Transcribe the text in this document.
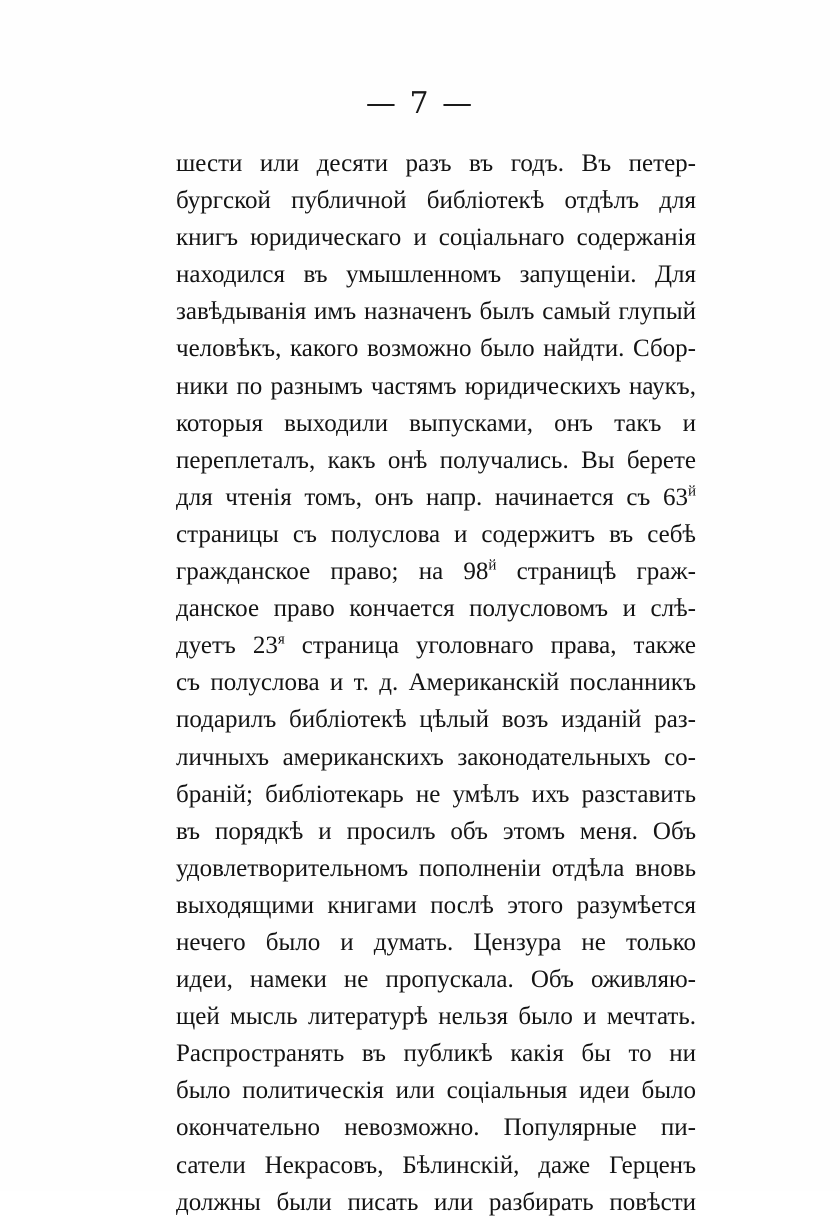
— 7 —
шести или десяти разъ въ годъ. Въ петер-
бургской публичной библіотекѣ отдѣлъ для
книгъ юридическаго и соціальнаго содержанія
находился въ умышленномъ запущеніи. Для
завѣдыванія имъ назначенъ былъ самый глупый
человѣкъ, какого возможно было найдти. Сбор-
ники по разнымъ частямъ юридическихъ наукъ,
которыя выходили выпусками, онъ такъ и
переплеталъ, какъ онѣ получались. Вы берете
для чтенія томъ, онъ напр. начинается съ $63^й$
страницы съ полуслова и содержитъ въ себѣ
гражданское право; на $98^й$ страницѣ граж-
данское право кончается полусловомъ и слѣ-
дуетъ $23^я$ страница уголовнаго права, также
съ полуслова и т. д. Американскій посланникъ
подарилъ библіотекѣ цѣлый возъ изданій раз-
личныхъ американскихъ законодательныхъ со-
браній; библіотекарь не умѣлъ ихъ разставить
въ порядкѣ и просилъ объ этомъ меня. Объ
удовлетворительномъ пополненіи отдѣла вновь
выходящими книгами послѣ этого разумѣется
нечего было и думать. Цензура не только
идеи, намеки не пропускала. Объ оживляю-
щей мысль литературѣ нельзя было и мечтать.
Распространять въ публикѣ какія бы то ни
было политическія или соціальныя идеи было
окончательно невозможно. Популярные пи-
сатели Некрасовъ, Бѣлинскій, даже Герценъ
должны были писать или разбирать повѣсти
